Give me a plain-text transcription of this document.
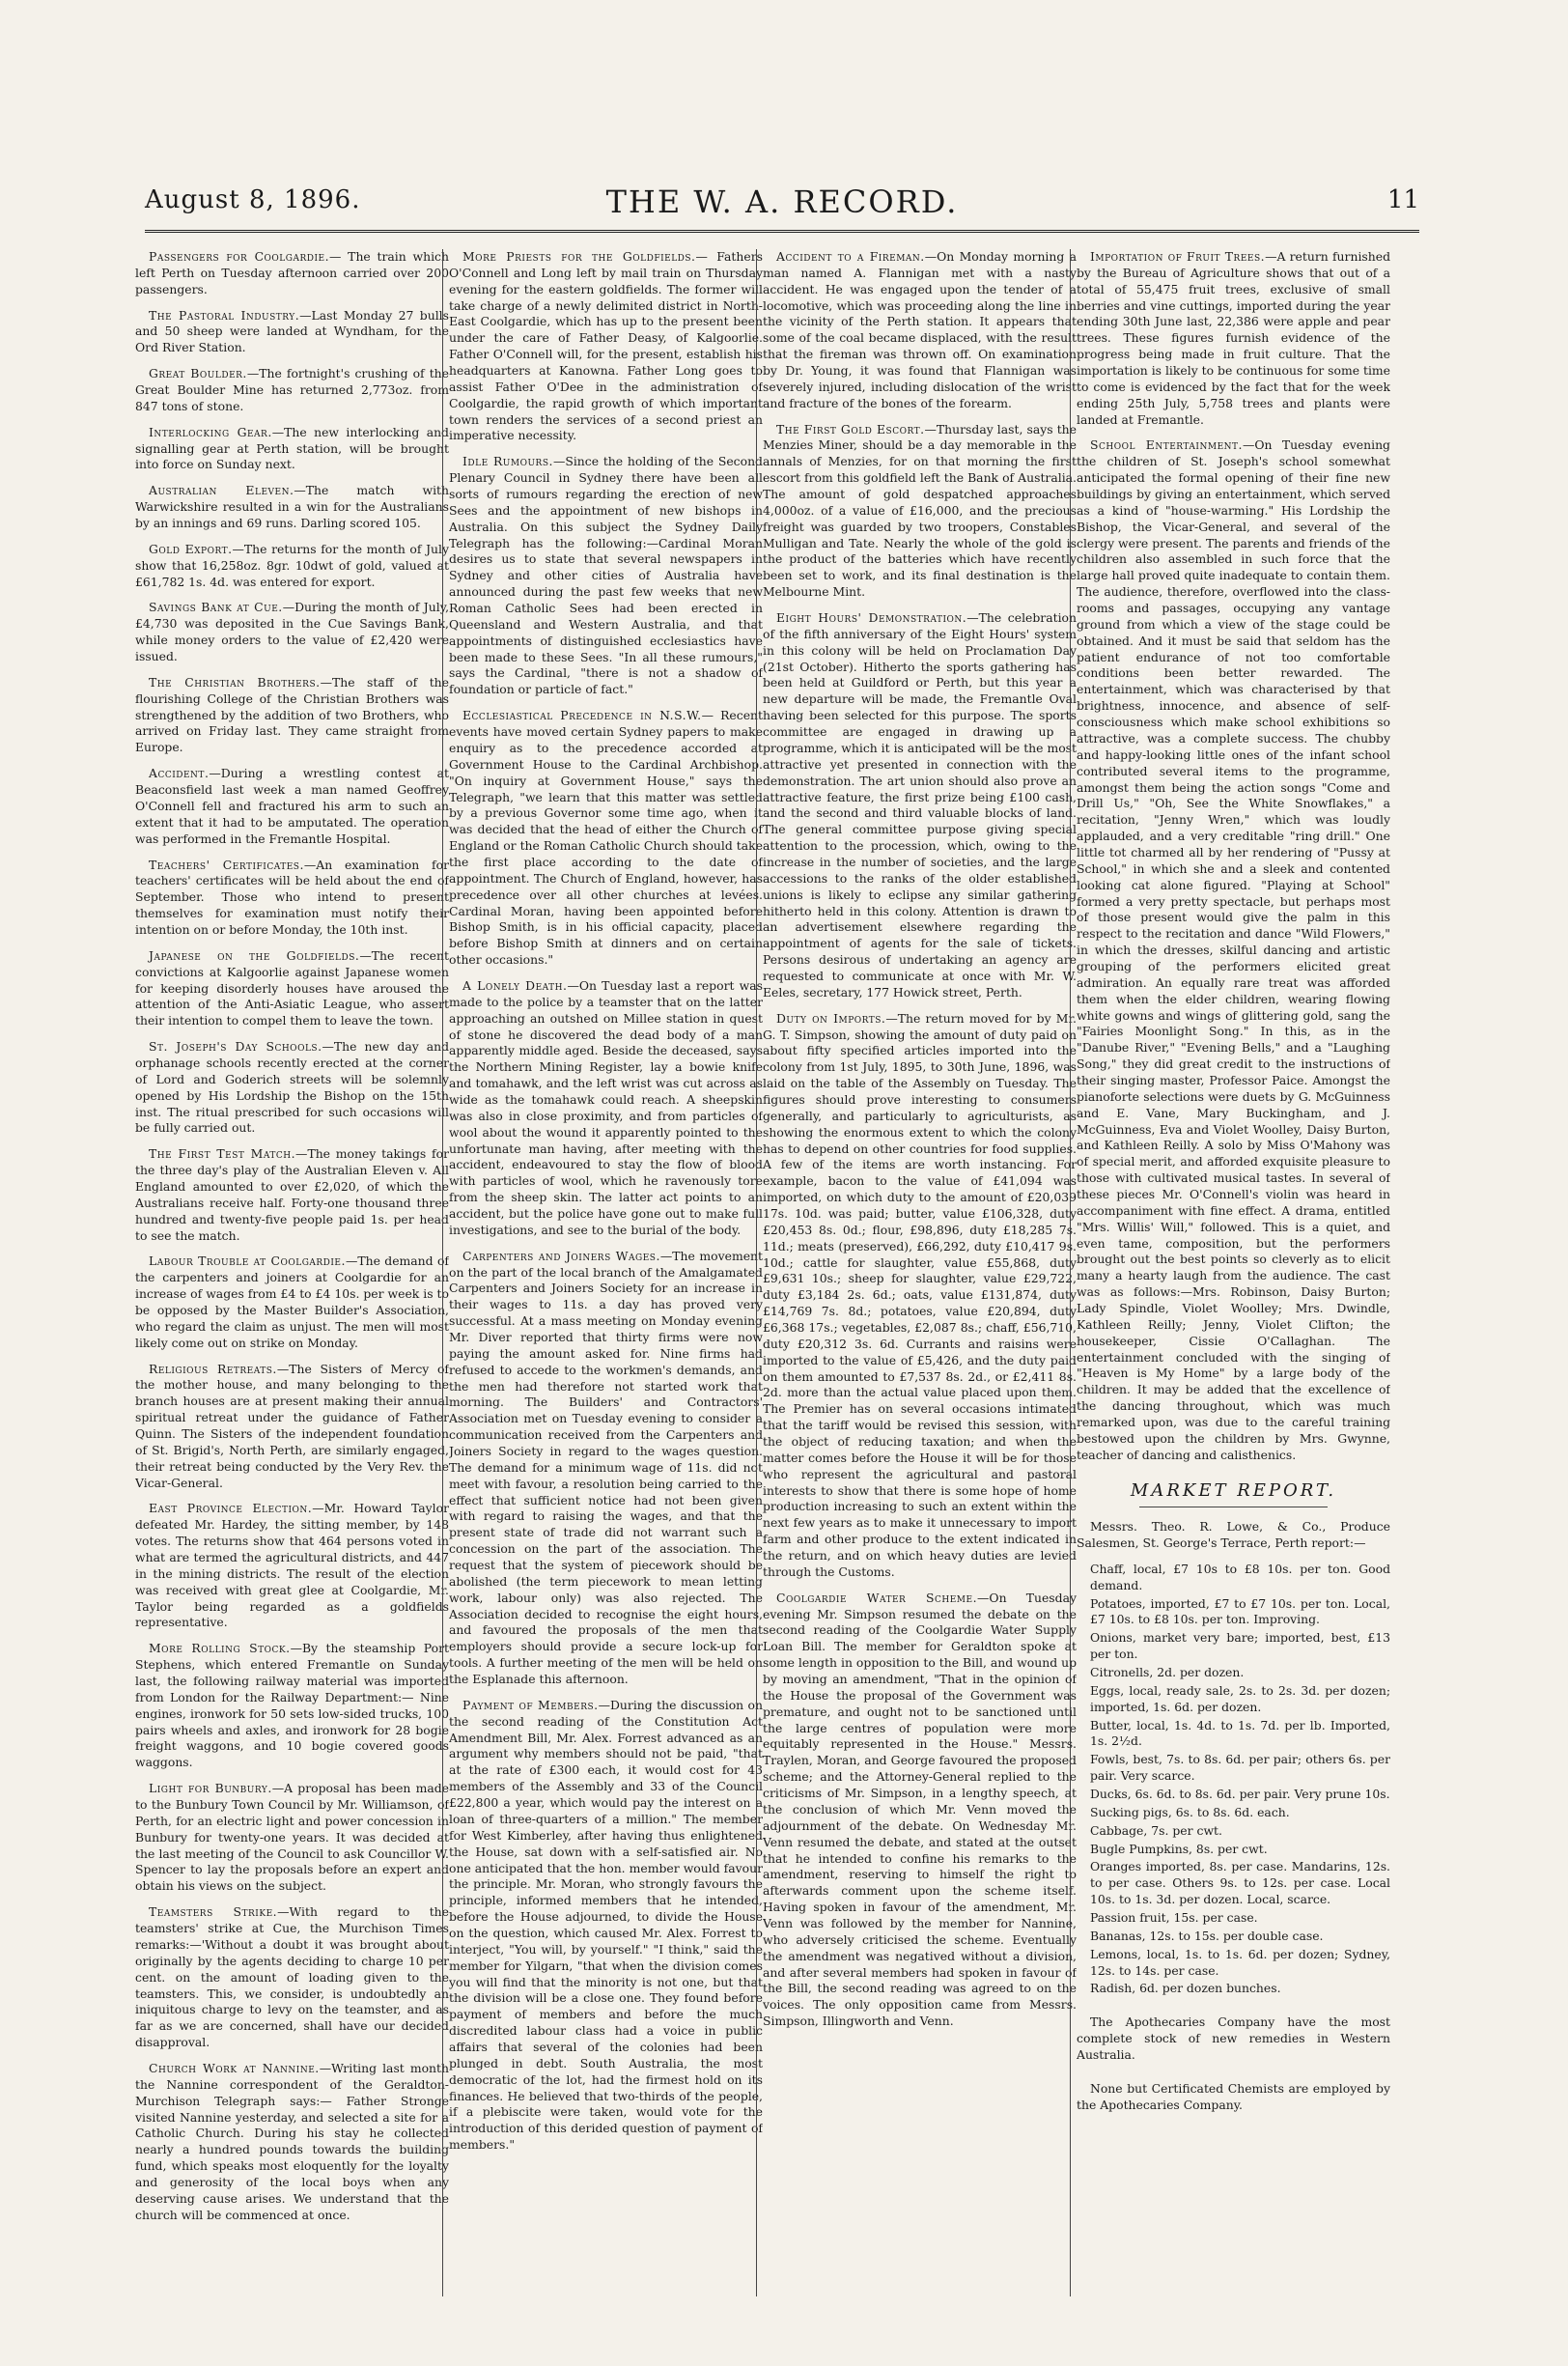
August 8, 1896.	THE W. A. RECORD.	11

Passengers for Coolgardie.— The train which left Perth on Tuesday afternoon carried over 200 passengers.

The Pastoral Industry.—Last Monday 27 bulls and 50 sheep were landed at Wyndham, for the Ord River Station.

Great Boulder.—The fortnight's crushing of the Great Boulder Mine has returned 2,773oz. from 847 tons of stone.

Interlocking Gear.—The new interlocking and signalling gear at Perth station, will be brought into force on Sunday next.

Australian Eleven.—The match with Warwickshire resulted in a win for the Australians by an innings and 69 runs. Darling scored 105.

Gold Export.—The returns for the month of July show that 16,258oz. 8gr. 10dwt of gold, valued at £61,782 1s. 4d. was entered for export.

Savings Bank at Cue.—During the month of July, £4,730 was deposited in the Cue Savings Bank, while money orders to the value of £2,420 were issued.

The Christian Brothers.—The staff of the flourishing College of the Christian Brothers was strengthened by the addition of two Brothers, who arrived on Friday last. They came straight from Europe.

Accident.—During a wrestling contest at Beaconsfield last week a man named Geoffrey O'Connell fell and fractured his arm to such an extent that it had to be amputated. The operation was performed in the Fremantle Hospital.

Teachers' Certificates.—An examination for teachers' certificates will be held about the end of September. Those who intend to present themselves for examination must notify their intention on or before Monday, the 10th inst.

Japanese on the Goldfields.—The recent convictions at Kalgoorlie against Japanese women for keeping disorderly houses have aroused the attention of the Anti-Asiatic League, who assert their intention to compel them to leave the town.

St. Joseph's Day Schools.—The new day and orphanage schools recently erected at the corner of Lord and Goderich streets will be solemnly opened by His Lordship the Bishop on the 15th inst. The ritual prescribed for such occasions will be fully carried out.

The First Test Match.—The money takings for the three day's play of the Australian Eleven v. All England amounted to over £2,020, of which the Australians receive half. Forty-one thousand three hundred and twenty-five people paid 1s. per head to see the match.

Labour Trouble at Coolgardie.—The demand of the carpenters and joiners at Coolgardie for an increase of wages from £4 to £4 10s. per week is to be opposed by the Master Builder's Association, who regard the claim as unjust. The men will most likely come out on strike on Monday.

Religious Retreats.—The Sisters of Mercy of the mother house, and many belonging to the branch houses are at present making their annual spiritual retreat under the guidance of Father Quinn. The Sisters of the independent foundation of St. Brigid's, North Perth, are similarly engaged, their retreat being conducted by the Very Rev. the Vicar-General.

East Province Election.—Mr. Howard Taylor defeated Mr. Hardey, the sitting member, by 148 votes. The returns show that 464 persons voted in what are termed the agricultural districts, and 447 in the mining districts. The result of the election was received with great glee at Coolgardie, Mr. Taylor being regarded as a goldfields representative.

More Rolling Stock.—By the steamship Port Stephens, which entered Fremantle on Sunday last, the following railway material was imported from London for the Railway Department:— Nine engines, ironwork for 50 sets low-sided trucks, 100 pairs wheels and axles, and ironwork for 28 bogie freight waggons, and 10 bogie covered goods waggons.

Light for Bunbury.—A proposal has been made to the Bunbury Town Council by Mr. Williamson, of Perth, for an electric light and power concession in Bunbury for twenty-one years. It was decided at the last meeting of the Council to ask Councillor W. Spencer to lay the proposals before an expert and obtain his views on the subject.

Teamsters Strike.—With regard to the teamsters' strike at Cue, the Murchison Times remarks:—'Without a doubt it was brought about originally by the agents deciding to charge 10 per cent. on the amount of loading given to the teamsters. This, we consider, is undoubtedly an iniquitous charge to levy on the teamster, and as far as we are concerned, shall have our decided disapproval.

Church Work at Nannine.—Writing last month the Nannine correspondent of the Geraldton-Murchison Telegraph says:— Father Stronge visited Nannine yesterday, and selected a site for a Catholic Church. During his stay he collected nearly a hundred pounds towards the building fund, which speaks most eloquently for the loyalty and generosity of the local boys when any deserving cause arises. We understand that the church will be commenced at once.

More Priests for the Goldfields.— Fathers O'Connell and Long left by mail train on Thursday evening for the eastern goldfields. The former will take charge of a newly delimited district in North-East Coolgardie, which has up to the present been under the care of Father Deasy, of Kalgoorlie. Father O'Connell will, for the present, establish his headquarters at Kanowna. Father Long goes to assist Father O'Dee in the administration of Coolgardie, the rapid growth of which important town renders the services of a second priest an imperative necessity.

Idle Rumours.—Since the holding of the Second Plenary Council in Sydney there have been all sorts of rumours regarding the erection of new Sees and the appointment of new bishops in Australia. On this subject the Sydney Daily Telegraph has the following:—Cardinal Moran desires us to state that several newspapers in Sydney and other cities of Australia have announced during the past few weeks that new Roman Catholic Sees had been erected in Queensland and Western Australia, and that appointments of distinguished ecclesiastics have been made to these Sees. "In all these rumours," says the Cardinal, "there is not a shadow of foundation or particle of fact."

Ecclesiastical Precedence in N.S.W.— Recent events have moved certain Sydney papers to make enquiry as to the precedence accorded at Government House to the Cardinal Archbishop. "On inquiry at Government House," says the Telegraph, "we learn that this matter was settled by a previous Governor some time ago, when it was decided that the head of either the Church of England or the Roman Catholic Church should take the first place according to the date of appointment. The Church of England, however, has precedence over all other churches at levées. Cardinal Moran, having been appointed before Bishop Smith, is in his official capacity, placed before Bishop Smith at dinners and on certain other occasions."

A Lonely Death.—On Tuesday last a report was made to the police by a teamster that on the latter approaching an outshed on Millee station in quest of stone he discovered the dead body of a man apparently middle aged. Beside the deceased, says the Northern Mining Register, lay a bowie knife and tomahawk, and the left wrist was cut across as wide as the tomahawk could reach. A sheepskin was also in close proximity, and from particles of wool about the wound it apparently pointed to the unfortunate man having, after meeting with the accident, endeavoured to stay the flow of blood with particles of wool, which he ravenously tore from the sheep skin. The latter act points to an accident, but the police have gone out to make full investigations, and see to the burial of the body.

Carpenters and Joiners Wages.—The movement on the part of the local branch of the Amalgamated Carpenters and Joiners Society for an increase in their wages to 11s. a day has proved very successful. At a mass meeting on Monday evening Mr. Diver reported that thirty firms were now paying the amount asked for. Nine firms had refused to accede to the workmen's demands, and the men had therefore not started work that morning. The Builders' and Contractors' Association met on Tuesday evening to consider a communication received from the Carpenters and Joiners Society in regard to the wages question. The demand for a minimum wage of 11s. did not meet with favour, a resolution being carried to the effect that sufficient notice had not been given with regard to raising the wages, and that the present state of trade did not warrant such a concession on the part of the association. The request that the system of piecework should be abolished (the term piecework to mean letting work, labour only) was also rejected. The Association decided to recognise the eight hours, and favoured the proposals of the men that employers should provide a secure lock-up for tools. A further meeting of the men will be held on the Esplanade this afternoon.

Payment of Members.—During the discussion on the second reading of the Constitution Act Amendment Bill, Mr. Alex. Forrest advanced as an argument why members should not be paid, "that at the rate of £300 each, it would cost for 43 members of the Assembly and 33 of the Council £22,800 a year, which would pay the interest on a loan of three-quarters of a million." The member for West Kimberley, after having thus enlightened the House, sat down with a self-satisfied air. No one anticipated that the hon. member would favour the principle. Mr. Moran, who strongly favours the principle, informed members that he intended, before the House adjourned, to divide the House on the question, which caused Mr. Alex. Forrest to interject, "You will, by yourself." "I think," said the member for Yilgarn, "that when the division comes you will find that the minority is not one, but that the division will be a close one. They found before payment of members and before the much discredited labour class had a voice in public affairs that several of the colonies had been plunged in debt. South Australia, the most democratic of the lot, had the firmest hold on its finances. He believed that two-thirds of the people, if a plebiscite were taken, would vote for the introduction of this derided question of payment of members."

Accident to a Fireman.—On Monday morning a man named A. Flannigan met with a nasty accident. He was engaged upon the tender of a locomotive, which was proceeding along the line in the vicinity of the Perth station. It appears that some of the coal became displaced, with the result that the fireman was thrown off. On examination by Dr. Young, it was found that Flannigan was severely injured, including dislocation of the wrist and fracture of the bones of the forearm.

The First Gold Escort.—Thursday last, says the Menzies Miner, should be a day memorable in the annals of Menzies, for on that morning the first escort from this goldfield left the Bank of Australia. The amount of gold despatched approaches 4,000oz. of a value of £16,000, and the precious freight was guarded by two troopers, Constables Mulligan and Tate. Nearly the whole of the gold is the product of the batteries which have recently been set to work, and its final destination is the Melbourne Mint.

Eight Hours' Demonstration.—The celebration of the fifth anniversary of the Eight Hours' system in this colony will be held on Proclamation Day (21st October). Hitherto the sports gathering has been held at Guildford or Perth, but this year a new departure will be made, the Fremantle Oval having been selected for this purpose. The sports committee are engaged in drawing up a programme, which it is anticipated will be the most attractive yet presented in connection with the demonstration. The art union should also prove an attractive feature, the first prize being £100 cash, and the second and third valuable blocks of land. The general committee purpose giving special attention to the procession, which, owing to the increase in the number of societies, and the large accessions to the ranks of the older established unions is likely to eclipse any similar gathering hitherto held in this colony. Attention is drawn to an advertisement elsewhere regarding the appointment of agents for the sale of tickets. Persons desirous of undertaking an agency are requested to communicate at once with Mr. W. Eeles, secretary, 177 Howick street, Perth.

Duty on Imports.—The return moved for by Mr. G. T. Simpson, showing the amount of duty paid on about fifty specified articles imported into the colony from 1st July, 1895, to 30th June, 1896, was laid on the table of the Assembly on Tuesday. The figures should prove interesting to consumers generally, and particularly to agriculturists, as showing the enormous extent to which the colony has to depend on other countries for food supplies. A few of the items are worth instancing. For example, bacon to the value of £41,094 was imported, on which duty to the amount of £20,039 17s. 10d. was paid; butter, value £106,328, duty £20,453 8s. 0d.; flour, £98,896, duty £18,285 7s. 11d.; meats (preserved), £66,292, duty £10,417 9s. 10d.; cattle for slaughter, value £55,868, duty £9,631 10s.; sheep for slaughter, value £29,722, duty £3,184 2s. 6d.; oats, value £131,874, duty £14,769 7s. 8d.; potatoes, value £20,894, duty £6,368 17s.; vegetables, £2,087 8s.; chaff, £56,710, duty £20,312 3s. 6d. Currants and raisins were imported to the value of £5,426, and the duty paid on them amounted to £7,537 8s. 2d., or £2,411 8s. 2d. more than the actual value placed upon them. The Premier has on several occasions intimated that the tariff would be revised this session, with the object of reducing taxation; and when the matter comes before the House it will be for those who represent the agricultural and pastoral interests to show that there is some hope of home production increasing to such an extent within the next few years as to make it unnecessary to import farm and other produce to the extent indicated in the return, and on which heavy duties are levied through the Customs.

Coolgardie Water Scheme.—On Tuesday evening Mr. Simpson resumed the debate on the second reading of the Coolgardie Water Supply Loan Bill. The member for Geraldton spoke at some length in opposition to the Bill, and wound up by moving an amendment, "That in the opinion of the House the proposal of the Government was premature, and ought not to be sanctioned until the large centres of population were more equitably represented in the House." Messrs. Traylen, Moran, and George favoured the proposed scheme; and the Attorney-General replied to the criticisms of Mr. Simpson, in a lengthy speech, at the conclusion of which Mr. Venn moved the adjournment of the debate. On Wednesday Mr. Venn resumed the debate, and stated at the outset that he intended to confine his remarks to the amendment, reserving to himself the right to afterwards comment upon the scheme itself. Having spoken in favour of the amendment, Mr. Venn was followed by the member for Nannine, who adversely criticised the scheme. Eventually the amendment was negatived without a division, and after several members had spoken in favour of the Bill, the second reading was agreed to on the voices. The only opposition came from Messrs. Simpson, Illingworth and Venn.

Importation of Fruit Trees.—A return furnished by the Bureau of Agriculture shows that out of a total of 55,475 fruit trees, exclusive of small berries and vine cuttings, imported during the year ending 30th June last, 22,386 were apple and pear trees. These figures furnish evidence of the progress being made in fruit culture. That the importation is likely to be continuous for some time to come is evidenced by the fact that for the week ending 25th July, 5,758 trees and plants were landed at Fremantle.

School Entertainment.—On Tuesday evening the children of St. Joseph's school somewhat anticipated the formal opening of their fine new buildings by giving an entertainment, which served as a kind of "house-warming." His Lordship the Bishop, the Vicar-General, and several of the clergy were present. The parents and friends of the children also assembled in such force that the large hall proved quite inadequate to contain them. The audience, therefore, overflowed into the class-rooms and passages, occupying any vantage ground from which a view of the stage could be obtained. And it must be said that seldom has the patient endurance of not too comfortable conditions been better rewarded. The entertainment, which was characterised by that brightness, innocence, and absence of self-consciousness which make school exhibitions so attractive, was a complete success. The chubby and happy-looking little ones of the infant school contributed several items to the programme, amongst them being the action songs "Come and Drill Us," "Oh, See the White Snowflakes," a recitation, "Jenny Wren," which was loudly applauded, and a very creditable "ring drill." One little tot charmed all by her rendering of "Pussy at School," in which she and a sleek and contented looking cat alone figured. "Playing at School" formed a very pretty spectacle, but perhaps most of those present would give the palm in this respect to the recitation and dance "Wild Flowers," in which the dresses, skilful dancing and artistic grouping of the performers elicited great admiration. An equally rare treat was afforded them when the elder children, wearing flowing white gowns and wings of glittering gold, sang the "Fairies Moonlight Song." In this, as in the "Danube River," "Evening Bells," and a "Laughing Song," they did great credit to the instructions of their singing master, Professor Paice. Amongst the pianoforte selections were duets by G. McGuinness and E. Vane, Mary Buckingham, and J. McGuinness, Eva and Violet Woolley, Daisy Burton, and Kathleen Reilly. A solo by Miss O'Mahony was of special merit, and afforded exquisite pleasure to those with cultivated musical tastes. In several of these pieces Mr. O'Connell's violin was heard in accompaniment with fine effect. A drama, entitled "Mrs. Willis' Will," followed. This is a quiet, and even tame, composition, but the performers brought out the best points so cleverly as to elicit many a hearty laugh from the audience. The cast was as follows:—Mrs. Robinson, Daisy Burton; Lady Spindle, Violet Woolley; Mrs. Dwindle, Kathleen Reilly; Jenny, Violet Clifton; the housekeeper, Cissie O'Callaghan. The entertainment concluded with the singing of "Heaven is My Home" by a large body of the children. It may be added that the excellence of the dancing throughout, which was much remarked upon, was due to the careful training bestowed upon the children by Mrs. Gwynne, teacher of dancing and calisthenics.

MARKET REPORT.

Messrs. Theo. R. Lowe, & Co., Produce Salesmen, St. George's Terrace, Perth report:—

Chaff, local, £7 10s to £8 10s. per ton. Good demand.

Potatoes, imported, £7 to £7 10s. per ton. Local, £7 10s. to £8 10s. per ton. Improving.

Onions, market very bare; imported, best, £13 per ton.

Citronells, 2d. per dozen.

Eggs, local, ready sale, 2s. to 2s. 3d. per dozen; imported, 1s. 6d. per dozen.

Butter, local, 1s. 4d. to 1s. 7d. per lb. Imported, 1s. 2½d.

Fowls, best, 7s. to 8s. 6d. per pair; others 6s. per pair. Very scarce.

Ducks, 6s. 6d. to 8s. 6d. per pair. Very prune 10s.

Sucking pigs, 6s. to 8s. 6d. each.

Cabbage, 7s. per cwt.

Bugle Pumpkins, 8s. per cwt.

Oranges imported, 8s. per case. Mandarins, 12s. to per case. Others 9s. to 12s. per case. Local 10s. to 1s. 3d. per dozen. Local, scarce.

Passion fruit, 15s. per case.

Bananas, 12s. to 15s. per double case.

Lemons, local, 1s. to 1s. 6d. per dozen; Sydney, 12s. to 14s. per case.

Radish, 6d. per dozen bunches.

The Apothecaries Company have the most complete stock of new remedies in Western Australia.

None but Certificated Chemists are employed by the Apothecaries Company.
